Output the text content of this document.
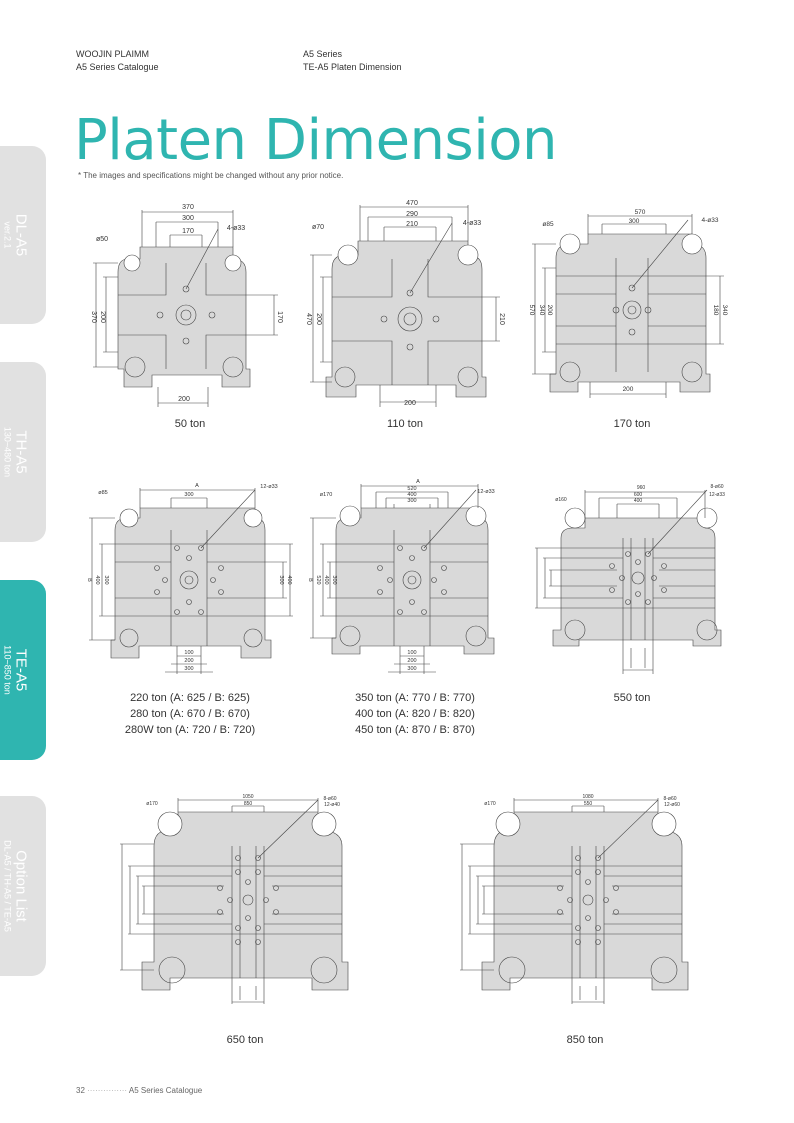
WOOJIN PLAIMM
A5 Series Catalogue
A5 Series
TE-A5 Platen Dimension
Platen Dimension
* The images and specifications might be changed without any prior notice.
DL-A5
ver.2.1
TH-A5
130~480 ton
TE-A5
110~850 ton
Option List
DL-A5 / TH-A5 / TE-A5
370
300
170	4-ø33
ø50
370 200	170
200
50 ton
470
290
210	4-ø33
ø70
470 200	210
200
110 ton
570
300	4-ø33
ø85
570 340 200	180 340
200
170 ton
A
300
12-ø33
ø85
B 400 300	300 400
100
200
300
220 ton (A: 625 / B: 625)
280 ton (A: 670 / B: 670)
280W ton (A: 720 / B: 720)
A
520
400
300
12-ø33
ø170
B 520 400 300
100
200
300
350 ton (A: 770 / B: 770)
400 ton (A: 820 / B: 820)
450 ton (A: 870 / B: 870)
960
600
400
8-ø60
12-ø33
ø160
550 ton
1050
850
8-ø60
12-ø40
ø170
650 ton
1080
550
8-ø60
12-ø60
ø170
850 ton
32 ··············· A5 Series Catalogue
